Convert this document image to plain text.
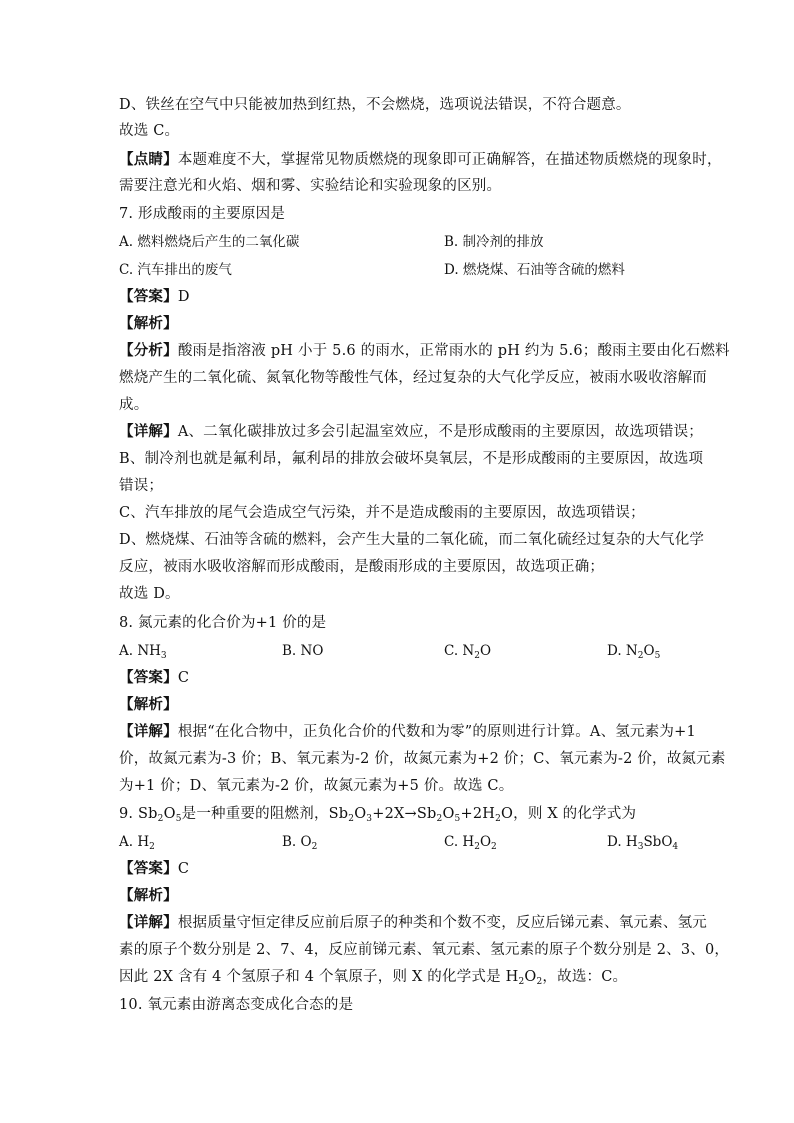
D、铁丝在空气中只能被加热到红热，不会燃烧，选项说法错误，不符合题意。
故选 C。
【点睛】本题难度不大，掌握常见物质燃烧的现象即可正确解答，在描述物质燃烧的现象时，
需要注意光和火焰、烟和雾、实验结论和实验现象的区别。
7. 形成酸雨的主要原因是
A. 燃料燃烧后产生的二氧化碳	B. 制冷剂的排放
C. 汽车排出的废气	D. 燃烧煤、石油等含硫的燃料
【答案】D
【解析】
【分析】酸雨是指溶液 pH 小于 5.6 的雨水，正常雨水的 pH 约为 5.6；酸雨主要由化石燃料
燃烧产生的二氧化硫、氮氧化物等酸性气体，经过复杂的大气化学反应，被雨水吸收溶解而
成。
【详解】A、二氧化碳排放过多会引起温室效应，不是形成酸雨的主要原因，故选项错误；
B、制冷剂也就是氟利昂，氟利昂的排放会破坏臭氧层，不是形成酸雨的主要原因，故选项
错误；
C、汽车排放的尾气会造成空气污染，并不是造成酸雨的主要原因，故选项错误；
D、燃烧煤、石油等含硫的燃料，会产生大量的二氧化硫，而二氧化硫经过复杂的大气化学
反应，被雨水吸收溶解而形成酸雨，是酸雨形成的主要原因，故选项正确；
故选 D。
8. 氮元素的化合价为+1 价的是
A. $NH_3$	B. NO	C. $N_2O$	D. $N_2O_5$
【答案】C
【解析】
【详解】根据“在化合物中，正负化合价的代数和为零”的原则进行计算。A、氢元素为+1
价，故氮元素为-3 价；B、氧元素为-2 价，故氮元素为+2 价；C、氧元素为-2 价，故氮元素
为+1 价；D、氧元素为-2 价，故氮元素为+5 价。故选 C。
9. $Sb_2O_5$是一种重要的阻燃剂，$Sb_2O_3+2X\to Sb_2O_5+2H_2O$，则 X 的化学式为
A. $H_2$	B. $O_2$	C. $H_2O_2$	D. $H_3SbO_4$
【答案】C
【解析】
【详解】根据质量守恒定律反应前后原子的种类和个数不变，反应后锑元素、氧元素、氢元
素的原子个数分别是 2、7、4，反应前锑元素、氧元素、氢元素的原子个数分别是 2、3、0，
因此 2X 含有 4 个氢原子和 4 个氧原子，则 X 的化学式是 $H_2O_2$，故选：C。
10. 氧元素由游离态变成化合态的是
